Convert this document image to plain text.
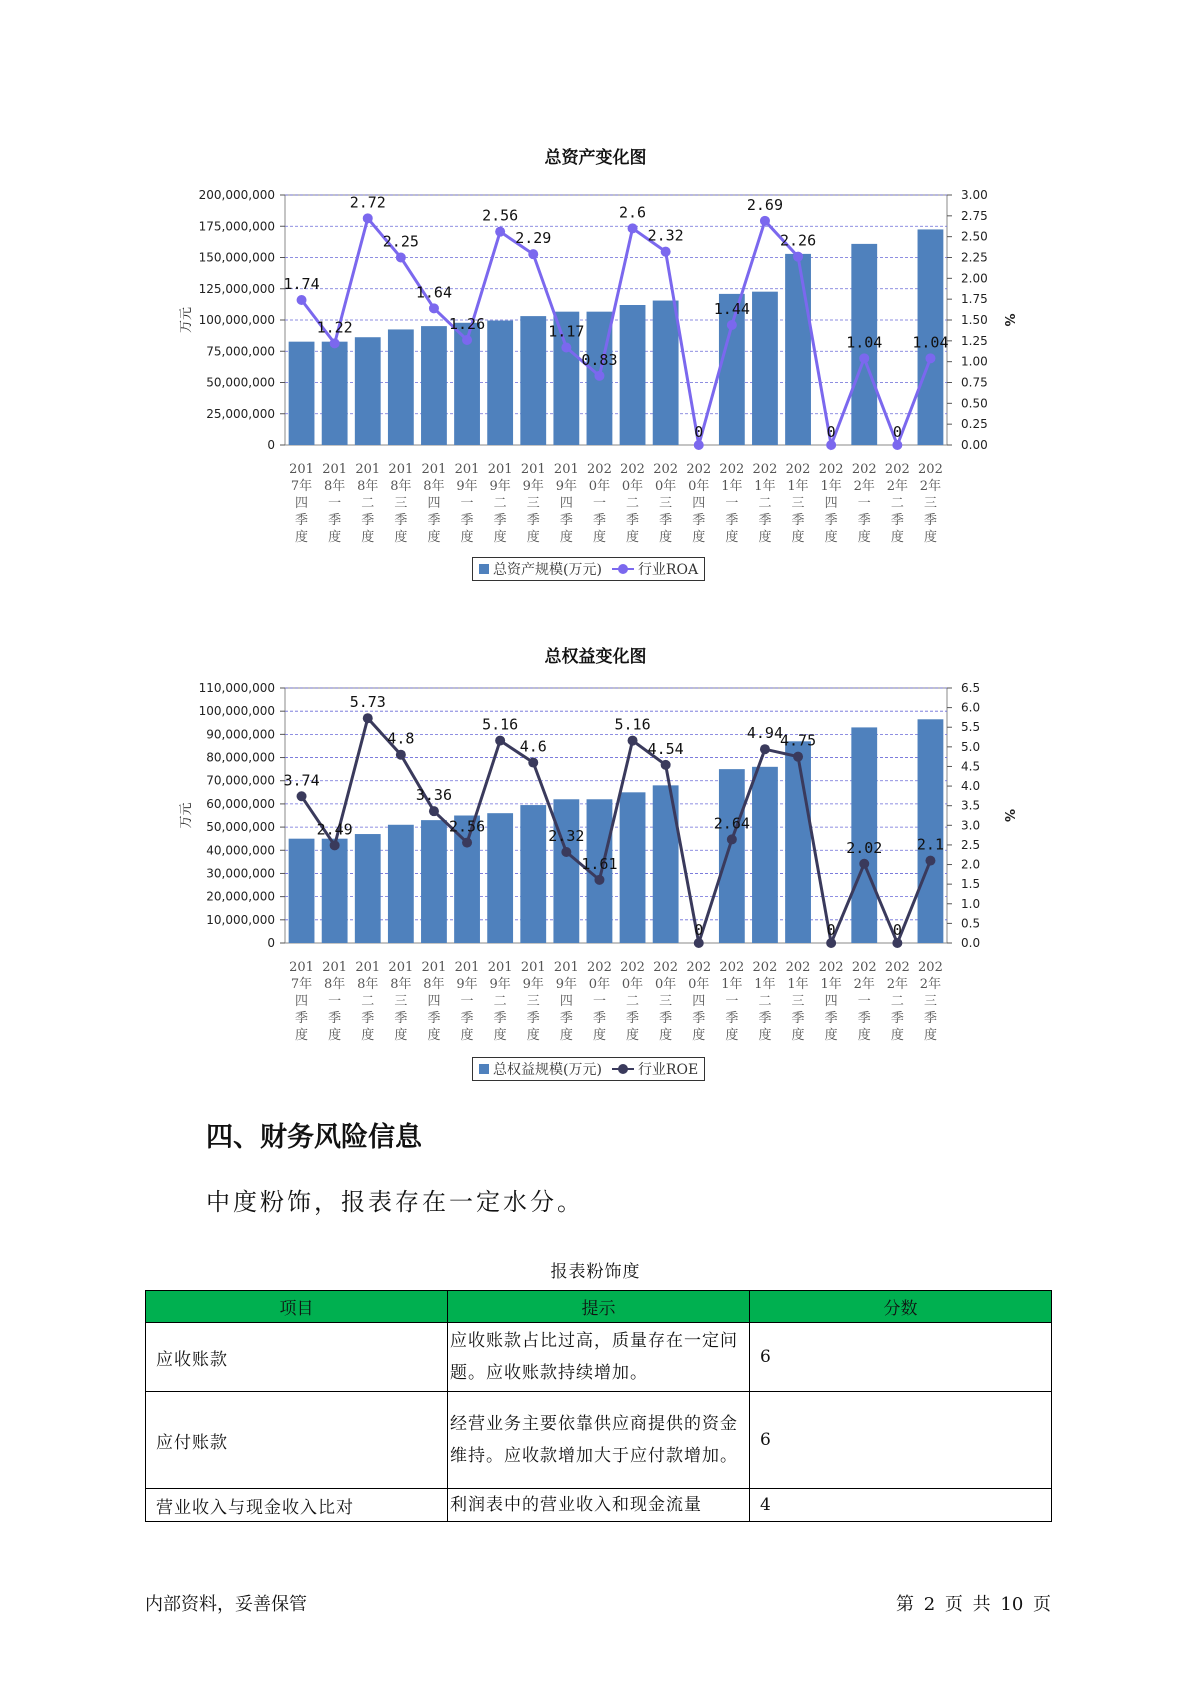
总资产变化图
0
25,000,000
50,000,000
75,000,000
100,000,000
125,000,000
150,000,000
175,000,000
200,000,000
0.00
0.25
0.50
0.75
1.00
1.25
1.50
1.75
2.00
2.25
2.50
2.75
3.00
万元	%
201
7年
四
季
度
201
8年
一
季
度
201
8年
二
季
度
201
8年
三
季
度
201
8年
四
季
度
201
9年
一
季
度
201
9年
二
季
度
201
9年
三
季
度
201
9年
四
季
度
202
0年
一
季
度
202
0年
二
季
度
202
0年
三
季
度
202
0年
四
季
度
202
1年
一
季
度
202
1年
二
季
度
202
1年
三
季
度
202
1年
四
季
度
202
2年
一
季
度
202
2年
二
季
度
202
2年
三
季
度
1.74
1.22
2.72
2.25
1.64
1.26
2.56
2.29
1.17
0.83
2.6
2.32
0
1.44
2.69
2.26
0
1.04
0
1.04
总资产规模(万元)	行业ROA
总权益变化图
0
10,000,000
20,000,000
30,000,000
40,000,000
50,000,000
60,000,000
70,000,000
80,000,000
90,000,000
100,000,000
110,000,000
0.0
0.5
1.0
1.5
2.0
2.5
3.0
3.5
4.0
4.5
5.0
5.5
6.0
6.5
万元	%
201
7年
四
季
度
201
8年
一
季
度
201
8年
二
季
度
201
8年
三
季
度
201
8年
四
季
度
201
9年
一
季
度
201
9年
二
季
度
201
9年
三
季
度
201
9年
四
季
度
202
0年
一
季
度
202
0年
二
季
度
202
0年
三
季
度
202
0年
四
季
度
202
1年
一
季
度
202
1年
二
季
度
202
1年
三
季
度
202
1年
四
季
度
202
2年
一
季
度
202
2年
二
季
度
202
2年
三
季
度
3.74
2.49
5.73
4.8
3.36
2.56
5.16
4.6
2.32
1.61
5.16
4.54
0
2.64
4.94
4.75
0
2.02
0
2.1
总权益规模(万元)	行业ROE
四、财务风险信息
中度粉饰，报表存在一定水分。
报表粉饰度
项目	提示	分数
应收账款	应收账款占比过高，质量存在一定问题。应收账款持续增加。	6
应付账款	经营业务主要依靠供应商提供的资金维持。应收款增加大于应付款增加。	6
营业收入与现金收入比对	利润表中的营业收入和现金流量	4
内部资料，妥善保管	第 2 页 共 10 页
